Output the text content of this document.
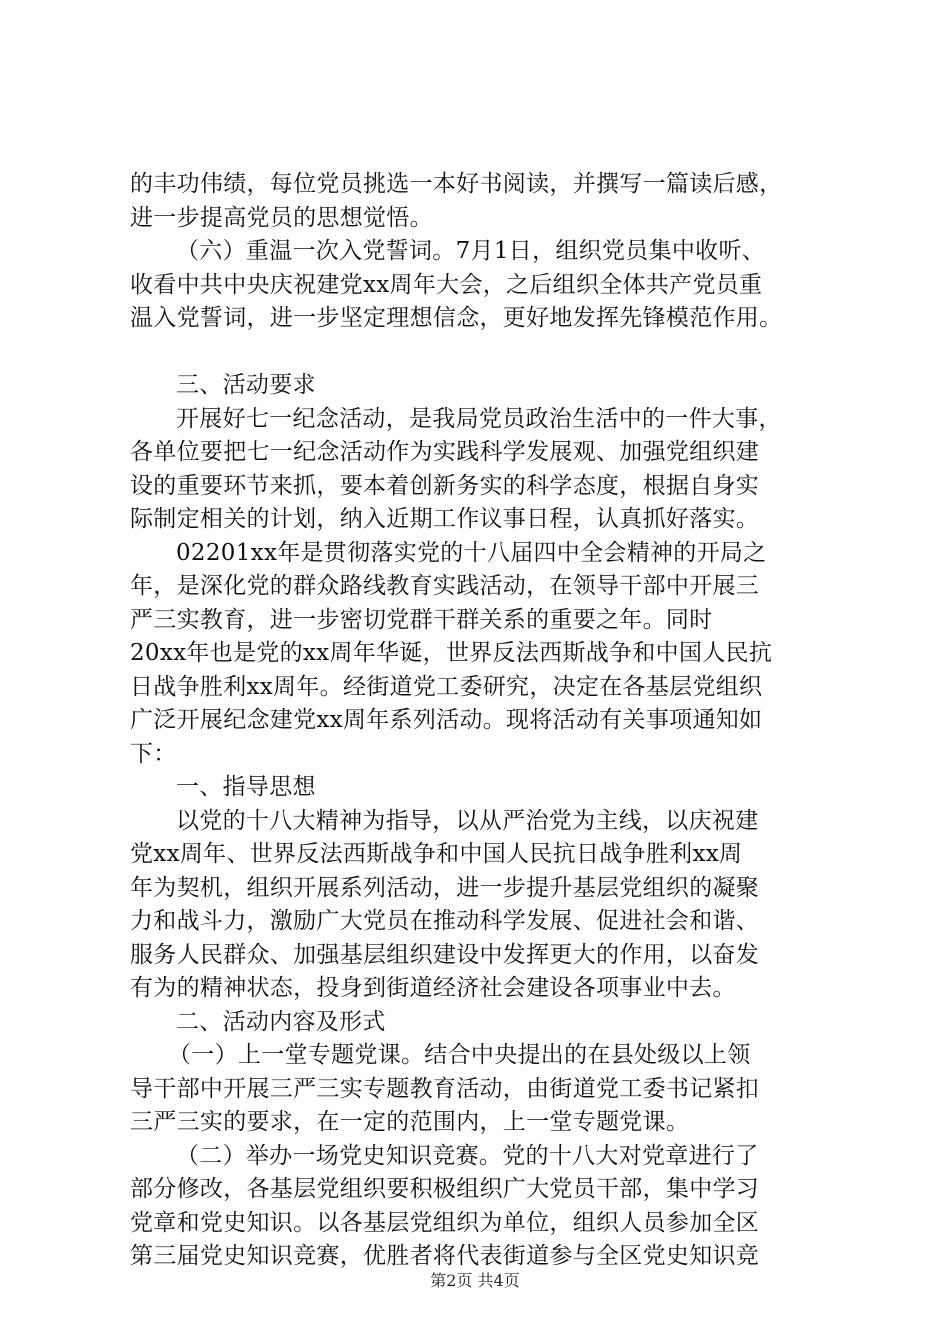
的丰功伟绩，每位党员挑选一本好书阅读，并撰写一篇读后感，
进一步提高党员的思想觉悟。
（六）重温一次入党誓词。7月1日，组织党员集中收听、
收看中共中央庆祝建党xx周年大会，之后组织全体共产党员重
温入党誓词，进一步坚定理想信念，更好地发挥先锋模范作用。
三、活动要求
开展好七一纪念活动，是我局党员政治生活中的一件大事，
各单位要把七一纪念活动作为实践科学发展观、加强党组织建
设的重要环节来抓，要本着创新务实的科学态度，根据自身实
际制定相关的计划，纳入近期工作议事日程，认真抓好落实。
02201xx年是贯彻落实党的十八届四中全会精神的开局之
年，是深化党的群众路线教育实践活动，在领导干部中开展三
严三实教育，进一步密切党群干群关系的重要之年。同时
20xx年也是党的xx周年华诞，世界反法西斯战争和中国人民抗
日战争胜利xx周年。经街道党工委研究，决定在各基层党组织
广泛开展纪念建党xx周年系列活动。现将活动有关事项通知如
下：
一、指导思想
以党的十八大精神为指导，以从严治党为主线，以庆祝建
党xx周年、世界反法西斯战争和中国人民抗日战争胜利xx周
年为契机，组织开展系列活动，进一步提升基层党组织的凝聚
力和战斗力，激励广大党员在推动科学发展、促进社会和谐、
服务人民群众、加强基层组织建设中发挥更大的作用，以奋发
有为的精神状态，投身到街道经济社会建设各项事业中去。
二、活动内容及形式
（一）上一堂专题党课。结合中央提出的在县处级以上领
导干部中开展三严三实专题教育活动，由街道党工委书记紧扣
三严三实的要求，在一定的范围内，上一堂专题党课。
（二）举办一场党史知识竞赛。党的十八大对党章进行了
部分修改，各基层党组织要积极组织广大党员干部，集中学习
党章和党史知识。以各基层党组织为单位，组织人员参加全区
第三届党史知识竞赛，优胜者将代表街道参与全区党史知识竞
第2页 共4页
